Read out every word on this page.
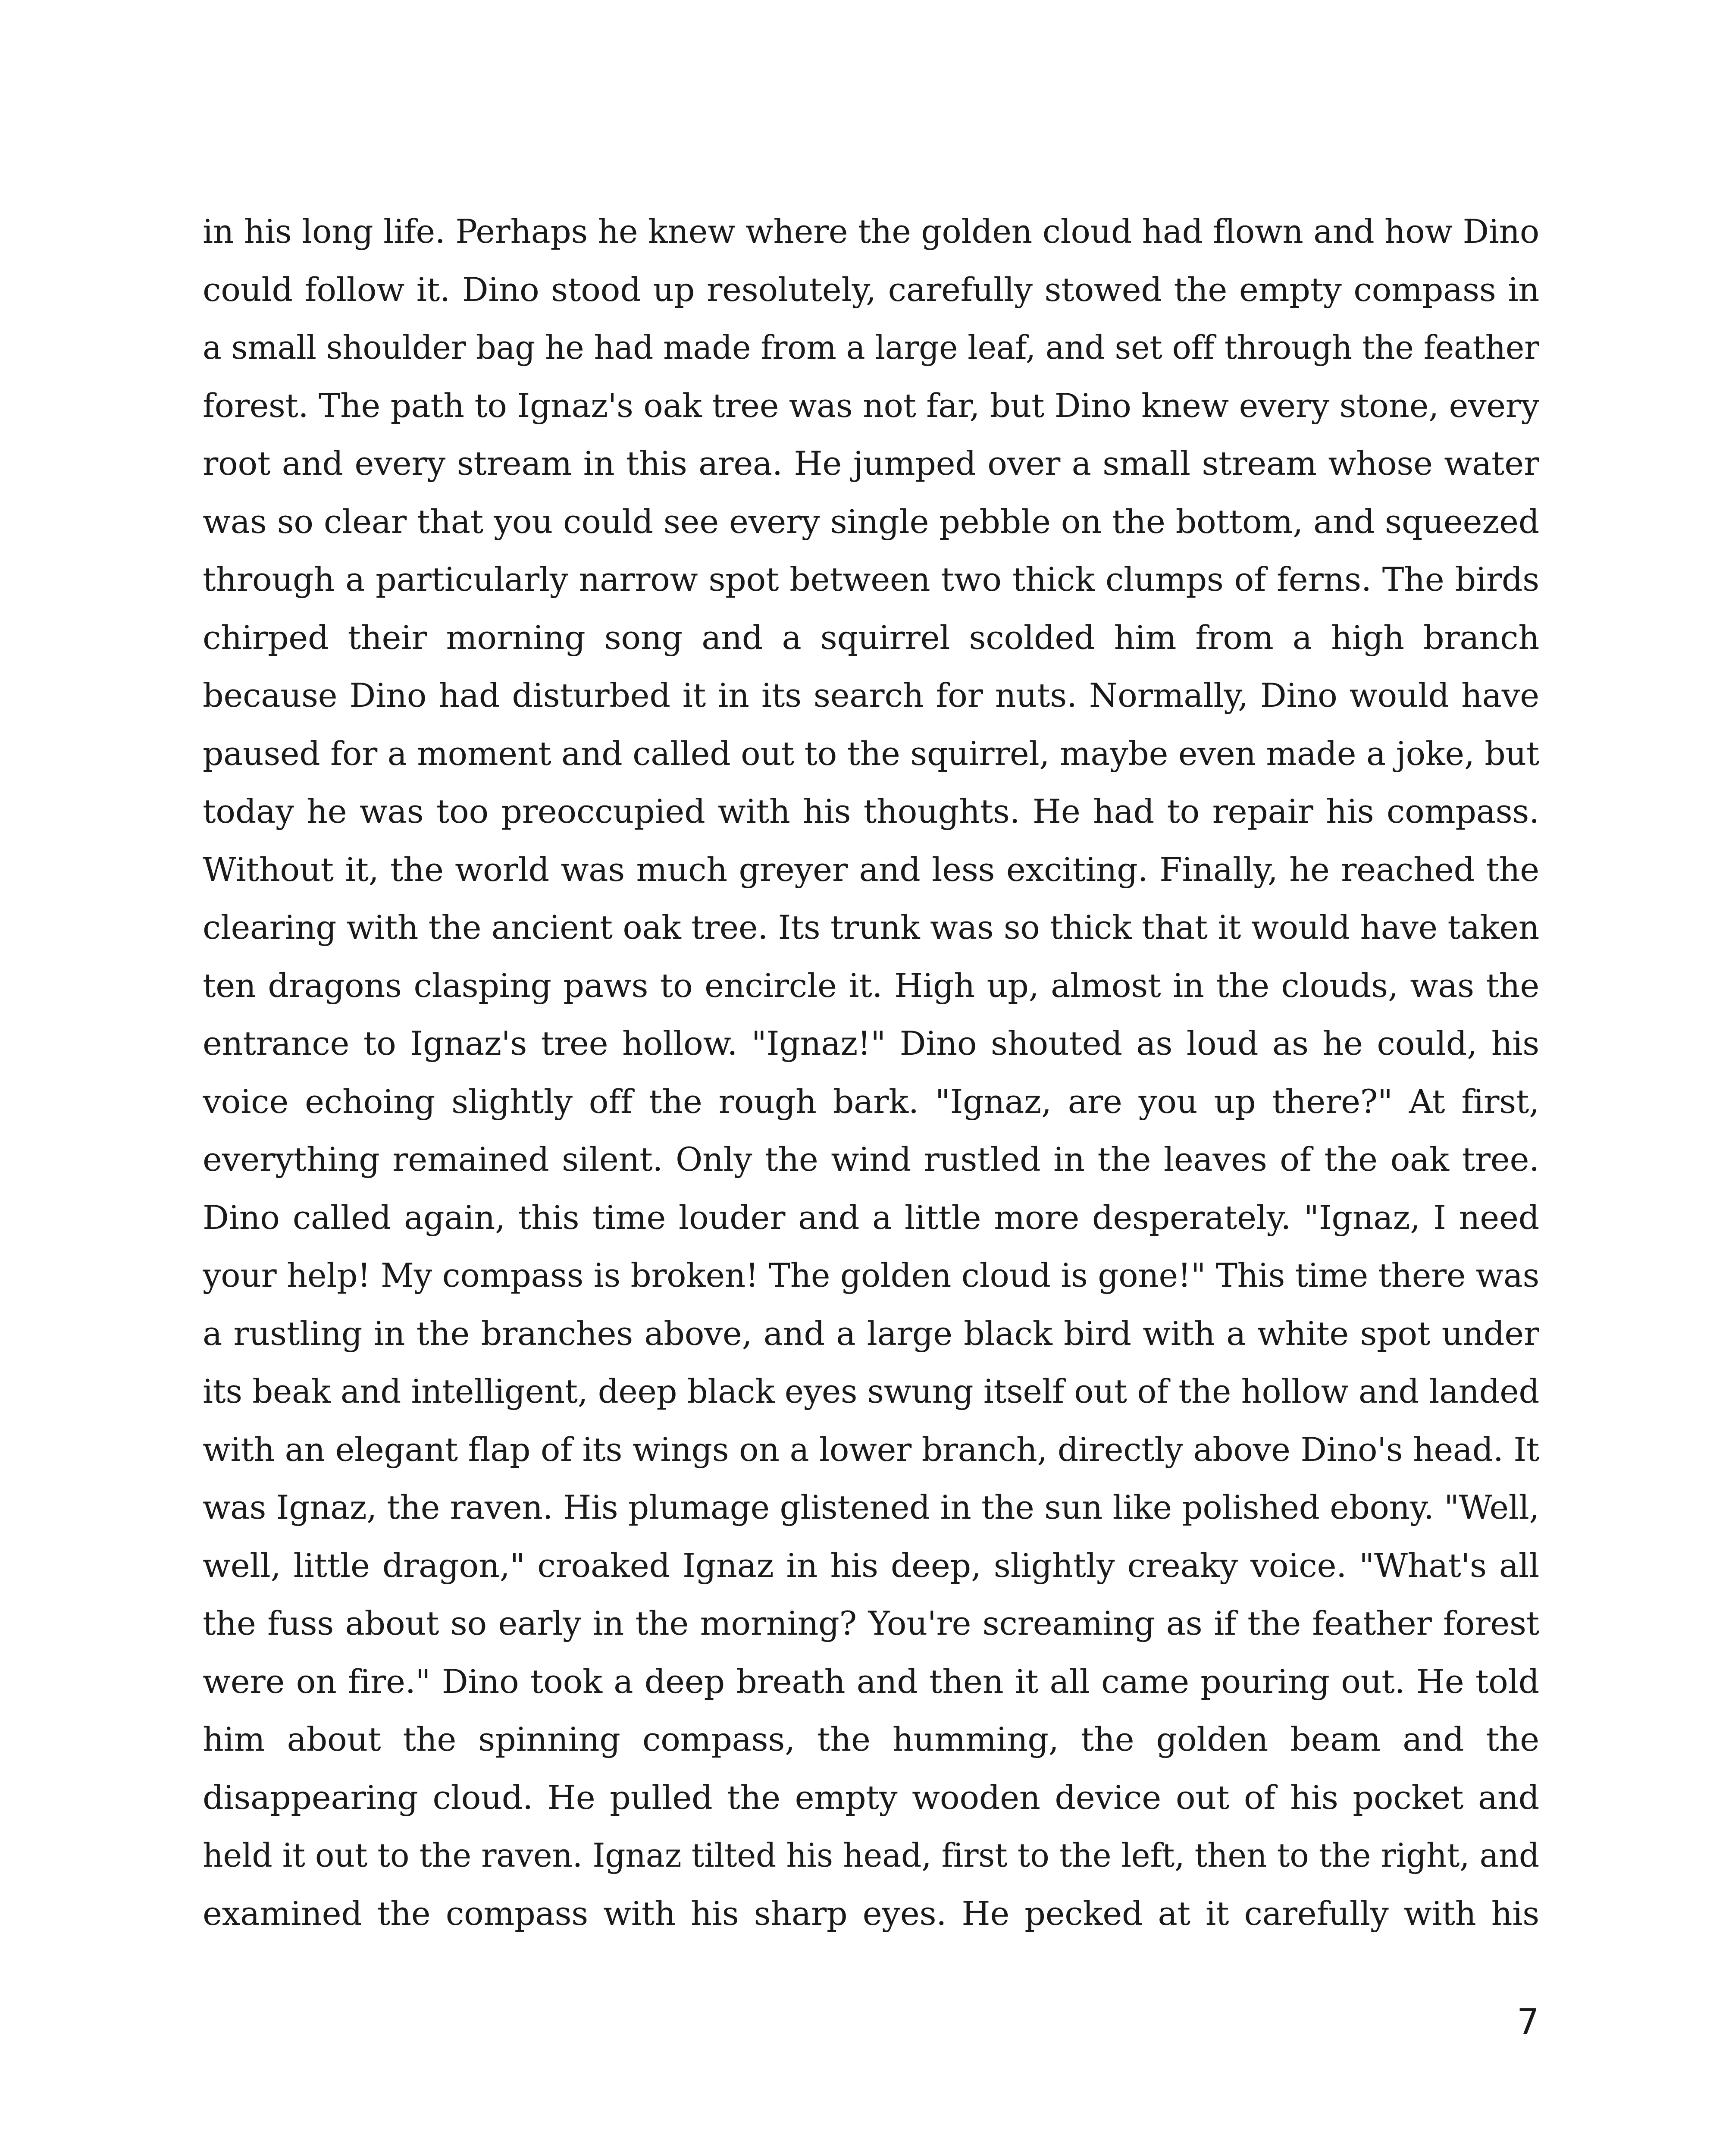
in his long life. Perhaps he knew where the golden cloud had flown and how Dino
could follow it. Dino stood up resolutely, carefully stowed the empty compass in
a small shoulder bag he had made from a large leaf, and set off through the feather
forest. The path to Ignaz's oak tree was not far, but Dino knew every stone, every
root and every stream in this area. He jumped over a small stream whose water
was so clear that you could see every single pebble on the bottom, and squeezed
through a particularly narrow spot between two thick clumps of ferns. The birds
chirped their morning song and a squirrel scolded him from a high branch
because Dino had disturbed it in its search for nuts. Normally, Dino would have
paused for a moment and called out to the squirrel, maybe even made a joke, but
today he was too preoccupied with his thoughts. He had to repair his compass.
Without it, the world was much greyer and less exciting. Finally, he reached the
clearing with the ancient oak tree. Its trunk was so thick that it would have taken
ten dragons clasping paws to encircle it. High up, almost in the clouds, was the
entrance to Ignaz's tree hollow. "Ignaz!" Dino shouted as loud as he could, his
voice echoing slightly off the rough bark. "Ignaz, are you up there?" At first,
everything remained silent. Only the wind rustled in the leaves of the oak tree.
Dino called again, this time louder and a little more desperately. "Ignaz, I need
your help! My compass is broken! The golden cloud is gone!" This time there was
a rustling in the branches above, and a large black bird with a white spot under
its beak and intelligent, deep black eyes swung itself out of the hollow and landed
with an elegant flap of its wings on a lower branch, directly above Dino's head. It
was Ignaz, the raven. His plumage glistened in the sun like polished ebony. "Well,
well, little dragon," croaked Ignaz in his deep, slightly creaky voice. "What's all
the fuss about so early in the morning? You're screaming as if the feather forest
were on fire." Dino took a deep breath and then it all came pouring out. He told
him about the spinning compass, the humming, the golden beam and the
disappearing cloud. He pulled the empty wooden device out of his pocket and
held it out to the raven. Ignaz tilted his head, first to the left, then to the right, and
examined the compass with his sharp eyes. He pecked at it carefully with his

7
